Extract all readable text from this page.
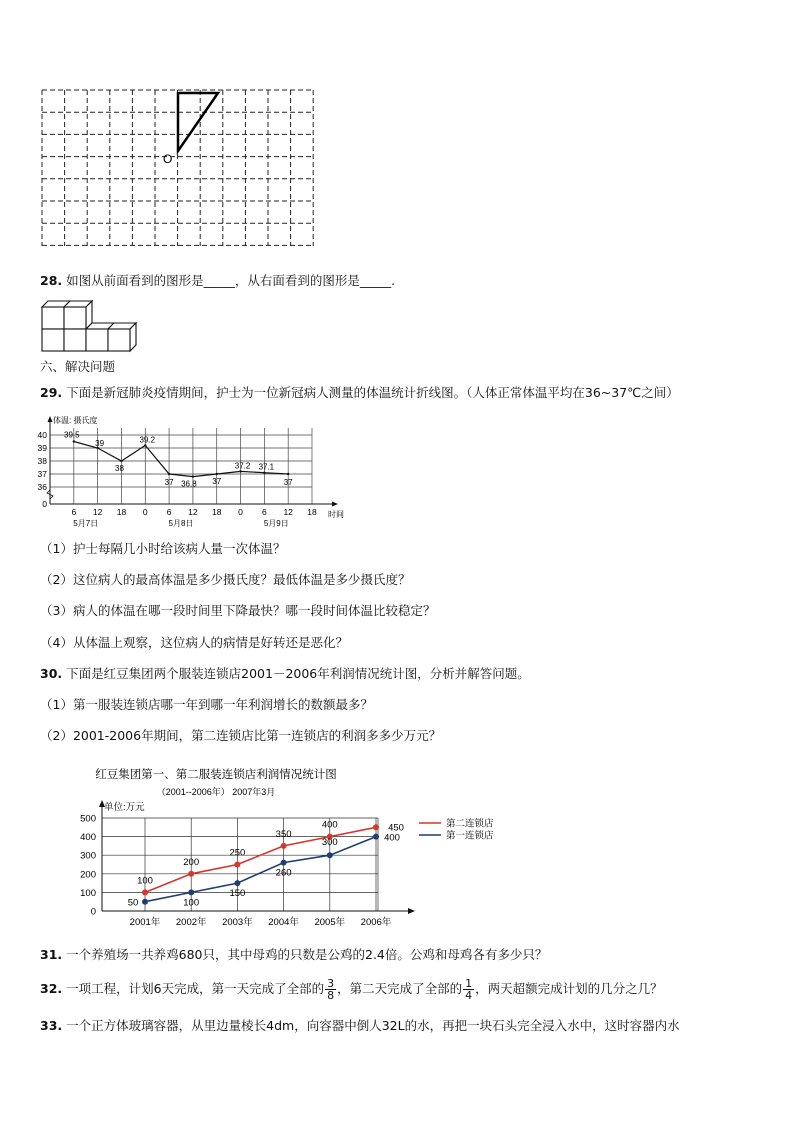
O
28. 如图从前面看到的图形是_____，从右面看到的图形是_____.
六、解决问题
29. 下面是新冠肺炎疫情期间，护士为一位新冠病人测量的体温统计折线图。（人体正常体温平均在36~37℃之间）
体温: 摄氏度
40
39
38
37
36
0
6 12 18 0 6 12 18 0 6 12 18 时间
5月7日	5月8日	5月9日
39.5
39
38
39.2
37 36.8 37
37.2 37.1
37
（1）护士每隔几小时给该病人量一次体温？
（2）这位病人的最高体温是多少摄氏度？最低体温是多少摄氏度？
（3）病人的体温在哪一段时间里下降最快？哪一段时间体温比较稳定？
（4）从体温上观察，这位病人的病情是好转还是恶化？
30. 下面是红豆集团两个服装连锁店2001－2006年利润情况统计图，分析并解答问题。
（1）第一服装连锁店哪一年到哪一年利润增长的数额最多？
（2）2001-2006年期间，第二连锁店比第一连锁店的利润多多少万元？
红豆集团第一、第二服装连锁店利润情况统计图
（2001--2006年） 2007年3月
单位:万元
500
400
300
200
100
0
2001年 2002年 2003年 2004年 2005年 2006年
100
200
250
350
400	450
50	100
150
260
300	400
第二连锁店
第一连锁店
31. 一个养殖场一共养鸡680只，其中母鸡的只数是公鸡的2.4倍。公鸡和母鸡各有多少只？
32. 一项工程，计划6天完成，第一天完成了全部的 $\frac{3}{8}$ ，第二天完成了全部的 $\frac{1}{4}$ ，两天超额完成计划的几分之几？
33. 一个正方体玻璃容器，从里边量棱长4dm，向容器中倒人32L的水，再把一块石头完全浸入水中，这时容器内水
